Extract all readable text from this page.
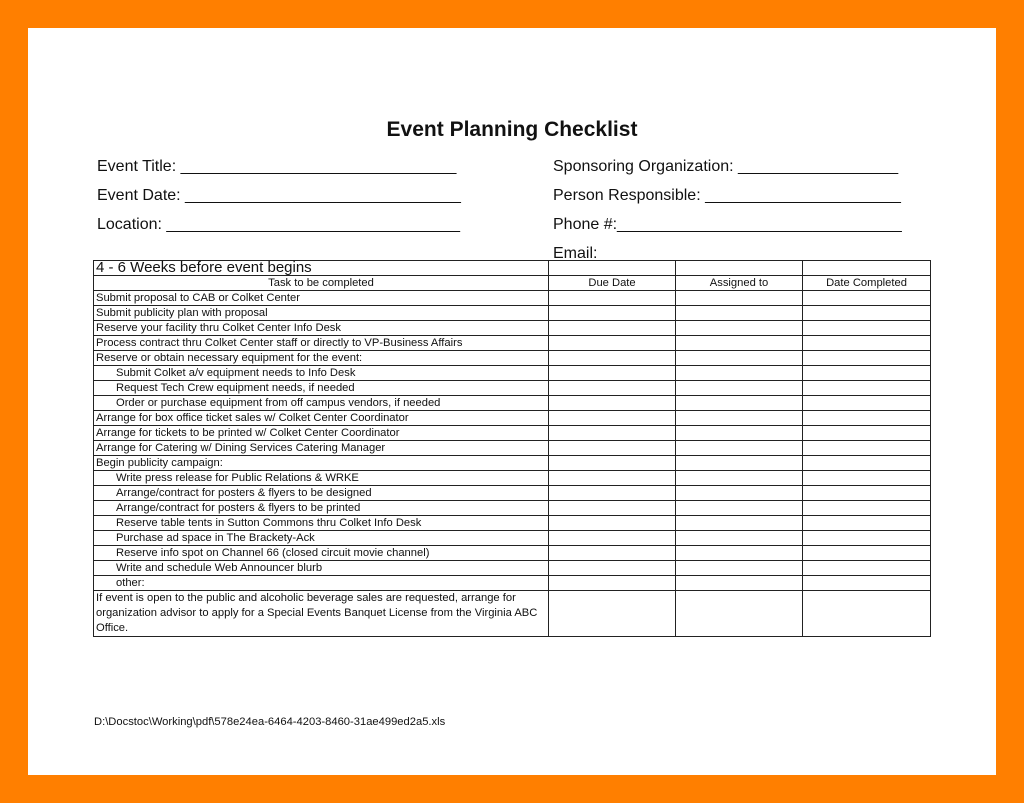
Event Planning Checklist
Event Title: _______________________________
Event Date: _______________________________
Location: _________________________________
Sponsoring Organization: __________________
Person Responsible: ______________________
Phone #:________________________________
Email: _________________________________
4 - 6 Weeks before event begins			
Task to be completed	Due Date	Assigned to	Date Completed
Submit proposal to CAB or Colket Center			
Submit publicity plan with proposal			
Reserve your facility thru Colket Center Info Desk			
Process contract thru Colket Center staff or directly to VP-Business Affairs			
Reserve or obtain necessary equipment for the event:			
Submit Colket a/v equipment needs to Info Desk			
Request Tech Crew equipment needs, if needed			
Order or purchase equipment from off campus vendors, if needed			
Arrange for box office ticket sales w/ Colket Center Coordinator			
Arrange for tickets to be printed w/ Colket Center Coordinator			
Arrange for Catering w/ Dining Services Catering Manager			
Begin publicity campaign:			
Write press release for Public Relations & WRKE			
Arrange/contract for posters & flyers to be designed			
Arrange/contract for posters & flyers to be printed			
Reserve table tents in Sutton Commons thru Colket Info Desk			
Purchase ad space in The Brackety-Ack			
Reserve info spot on Channel 66 (closed circuit movie channel)			
Write and schedule Web Announcer blurb			
other:			
If event is open to the public and alcoholic beverage sales are requested, arrange for organization advisor to apply for a Special Events Banquet License from the Virginia ABC Office.			
D:\Docstoc\Working\pdf\578e24ea-6464-4203-8460-31ae499ed2a5.xls
